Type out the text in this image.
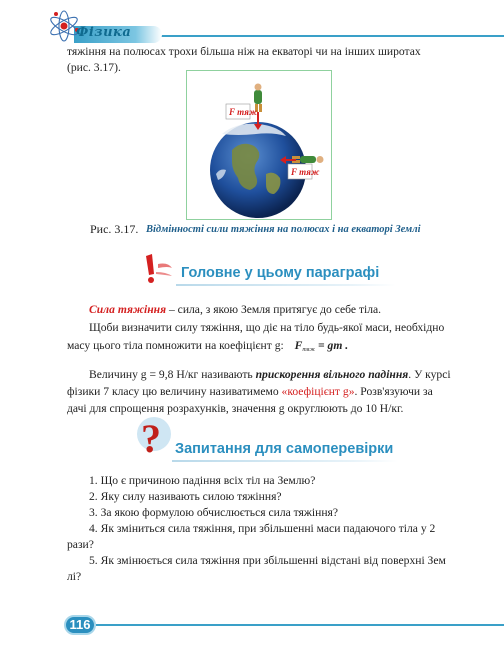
Фізика
тяжіння на полюсах трохи більша ніж на екваторі чи на інших широтах
(рис. 3.17).
F тяж
F тяж
Рис. 3.17. Відмінності сили тяжіння на полюсах і на екваторі Землі
Головне у цьому параграфі
Сила тяжіння – сила, з якою Земля притягує до себе тіла.
Щоби визначити силу тяжіння, що діє на тіло будь-якої маси, необхідно
масу цього тіла помножити на коефіцієнт g: Fтяж = gm .
Величину g = 9,8 Н/кг називають прискорення вільного падіння. У курсі
фізики 7 класу цю величину називатимемо «коефіцієнт g». Розв'язуючи за
дачі для спрощення розрахунків, значення g округлюють до 10 Н/кг.
? Запитання для самоперевірки
1. Що є причиною падіння всіх тіл на Землю?
2. Яку силу називають силою тяжіння?
3. За якою формулою обчислюється сила тяжіння?
4. Як зміниться сила тяжіння, при збільшенні маси падаючого тіла у 2
рази?
5. Як змінюється сила тяжіння при збільшенні відстані від поверхні Зем
лі?
116
